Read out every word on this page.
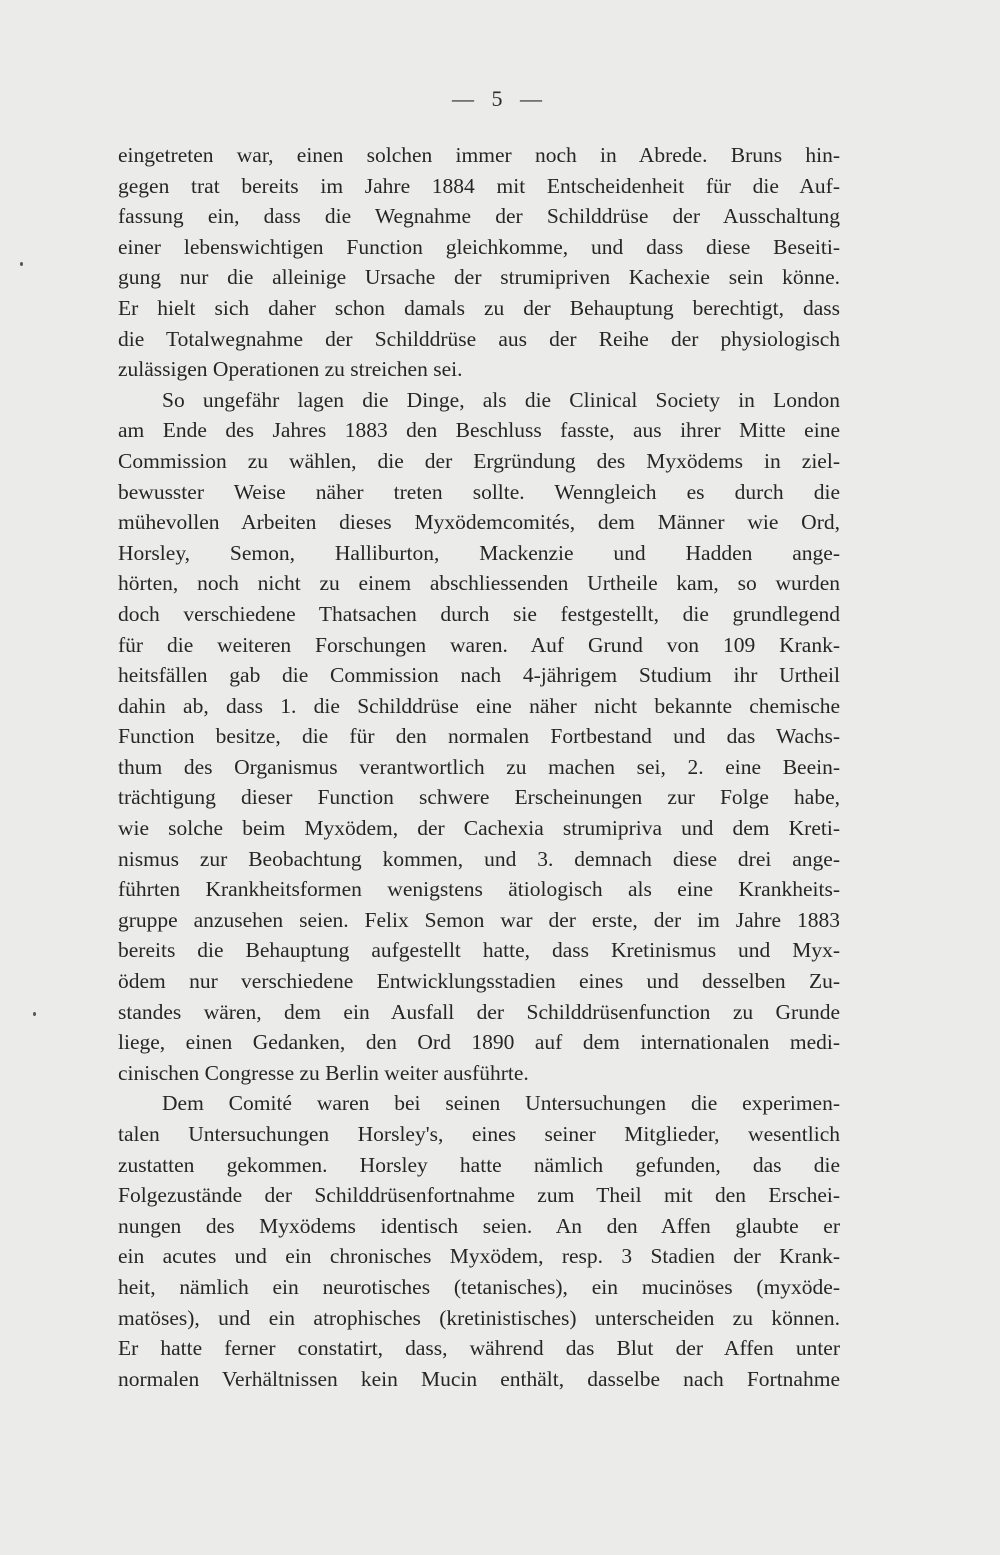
— 5 —
eingetreten war, einen solchen immer noch in Abrede. Bruns hin-
gegen trat bereits im Jahre 1884 mit Entscheidenheit für die Auf-
fassung ein, dass die Wegnahme der Schilddrüse der Ausschaltung
einer lebenswichtigen Function gleichkomme, und dass diese Beseiti-
gung nur die alleinige Ursache der strumipriven Kachexie sein könne.
Er hielt sich daher schon damals zu der Behauptung berechtigt, dass
die Totalwegnahme der Schilddrüse aus der Reihe der physiologisch
zulässigen Operationen zu streichen sei.
So ungefähr lagen die Dinge, als die Clinical Society in London
am Ende des Jahres 1883 den Beschluss fasste, aus ihrer Mitte eine
Commission zu wählen, die der Ergründung des Myxödems in ziel-
bewusster Weise näher treten sollte. Wenngleich es durch die
mühevollen Arbeiten dieses Myxödemcomités, dem Männer wie Ord,
Horsley, Semon, Halliburton, Mackenzie und Hadden ange-
hörten, noch nicht zu einem abschliessenden Urtheile kam, so wurden
doch verschiedene Thatsachen durch sie festgestellt, die grundlegend
für die weiteren Forschungen waren. Auf Grund von 109 Krank-
heitsfällen gab die Commission nach 4-jährigem Studium ihr Urtheil
dahin ab, dass 1. die Schilddrüse eine näher nicht bekannte chemische
Function besitze, die für den normalen Fortbestand und das Wachs-
thum des Organismus verantwortlich zu machen sei, 2. eine Beein-
trächtigung dieser Function schwere Erscheinungen zur Folge habe,
wie solche beim Myxödem, der Cachexia strumipriva und dem Kreti-
nismus zur Beobachtung kommen, und 3. demnach diese drei ange-
führten Krankheitsformen wenigstens ätiologisch als eine Krankheits-
gruppe anzusehen seien. Felix Semon war der erste, der im Jahre 1883
bereits die Behauptung aufgestellt hatte, dass Kretinismus und Myx-
ödem nur verschiedene Entwicklungsstadien eines und desselben Zu-
standes wären, dem ein Ausfall der Schilddrüsenfunction zu Grunde
liege, einen Gedanken, den Ord 1890 auf dem internationalen medi-
cinischen Congresse zu Berlin weiter ausführte.
Dem Comité waren bei seinen Untersuchungen die experimen-
talen Untersuchungen Horsley's, eines seiner Mitglieder, wesentlich
zustatten gekommen. Horsley hatte nämlich gefunden, das die
Folgezustände der Schilddrüsenfortnahme zum Theil mit den Erschei-
nungen des Myxödems identisch seien. An den Affen glaubte er
ein acutes und ein chronisches Myxödem, resp. 3 Stadien der Krank-
heit, nämlich ein neurotisches (tetanisches), ein mucinöses (myxöde-
matöses), und ein atrophisches (kretinistisches) unterscheiden zu können.
Er hatte ferner constatirt, dass, während das Blut der Affen unter
normalen Verhältnissen kein Mucin enthält, dasselbe nach Fortnahme
